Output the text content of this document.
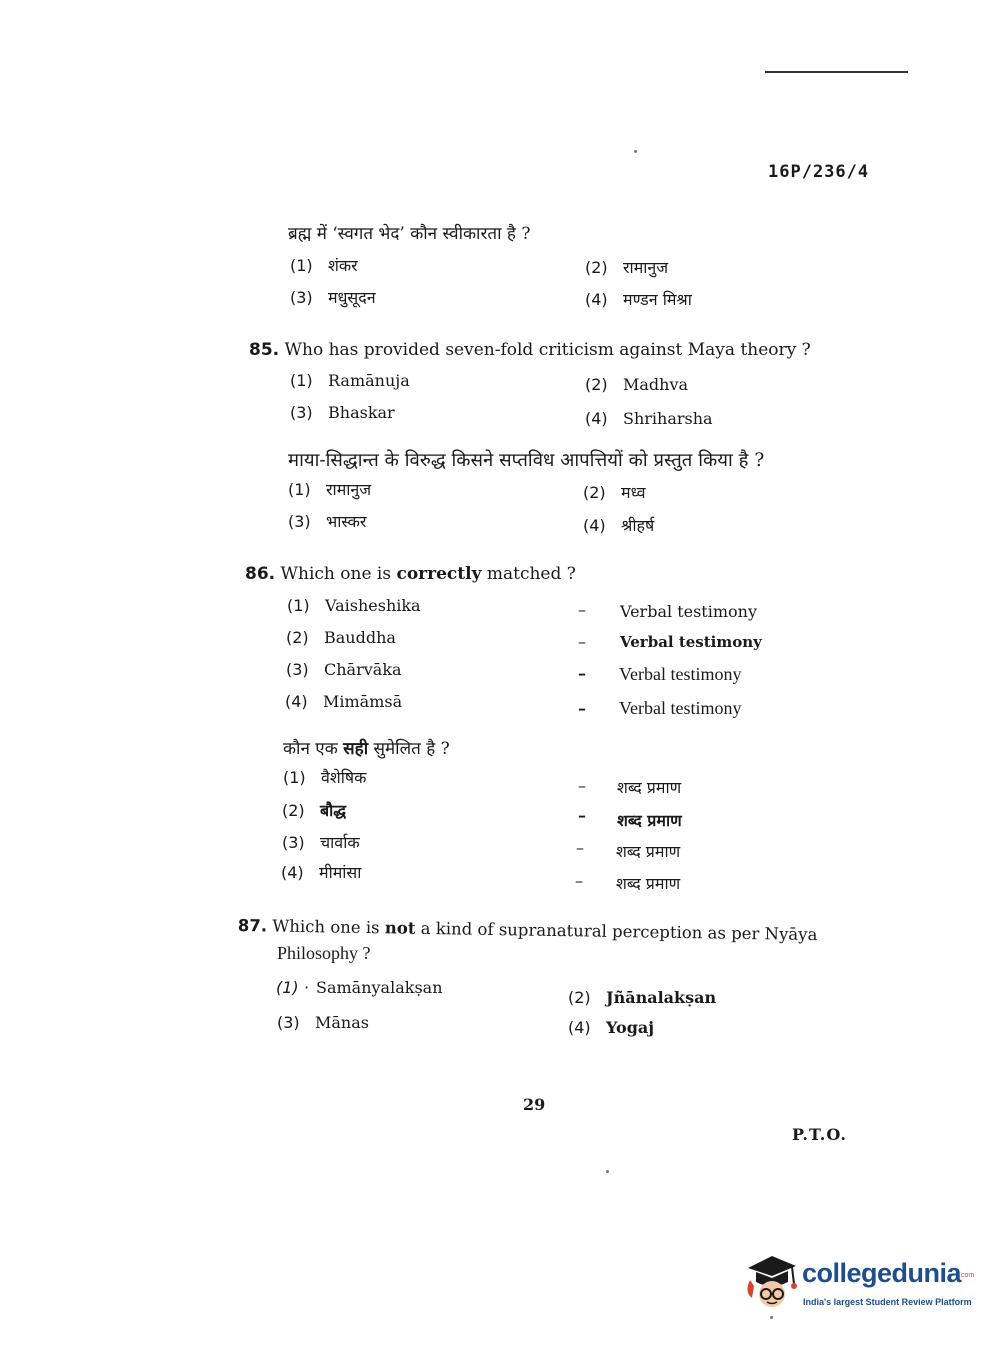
16P/236/4
ब्रह्म में ‘स्वगत भेद’ कौन स्वीकारता है ?
(1) शंकर	(2) रामानुज
(3) मधुसूदन	(4) मण्डन मिश्रा
85. Who has provided seven-fold criticism against Maya theory ?
(1) Ramānuja	(2) Madhva
(3) Bhaskar	(4) Shriharsha
माया-सिद्धान्त के विरुद्ध किसने सप्तविध आपत्तियों को प्रस्तुत किया है ?
(1) रामानुज	(2) मध्व
(3) भास्कर	(4) श्रीहर्ष
86. Which one is correctly matched ?
(1) Vaisheshika	– Verbal testimony
(2) Bauddha	– Verbal testimony
(3) Chārvāka	– Verbal testimony
(4) Mimāmsā	– Verbal testimony
कौन एक सही सुमेलित है ?
(1) वैशेषिक	– शब्द प्रमाण
(2) बौद्ध	– शब्द प्रमाण
(3) चार्वाक	– शब्द प्रमाण
(4) मीमांसा	– शब्द प्रमाण
87. Which one is not a kind of supranatural perception as per Nyāya
Philosophy ?
(1) · Samānyalakṣan
(2) Jñānalakṣan
(3) Mānas	(4) Yogaj
29
P.T.O.
collegedunia
.com
India's largest Student Review Platform
